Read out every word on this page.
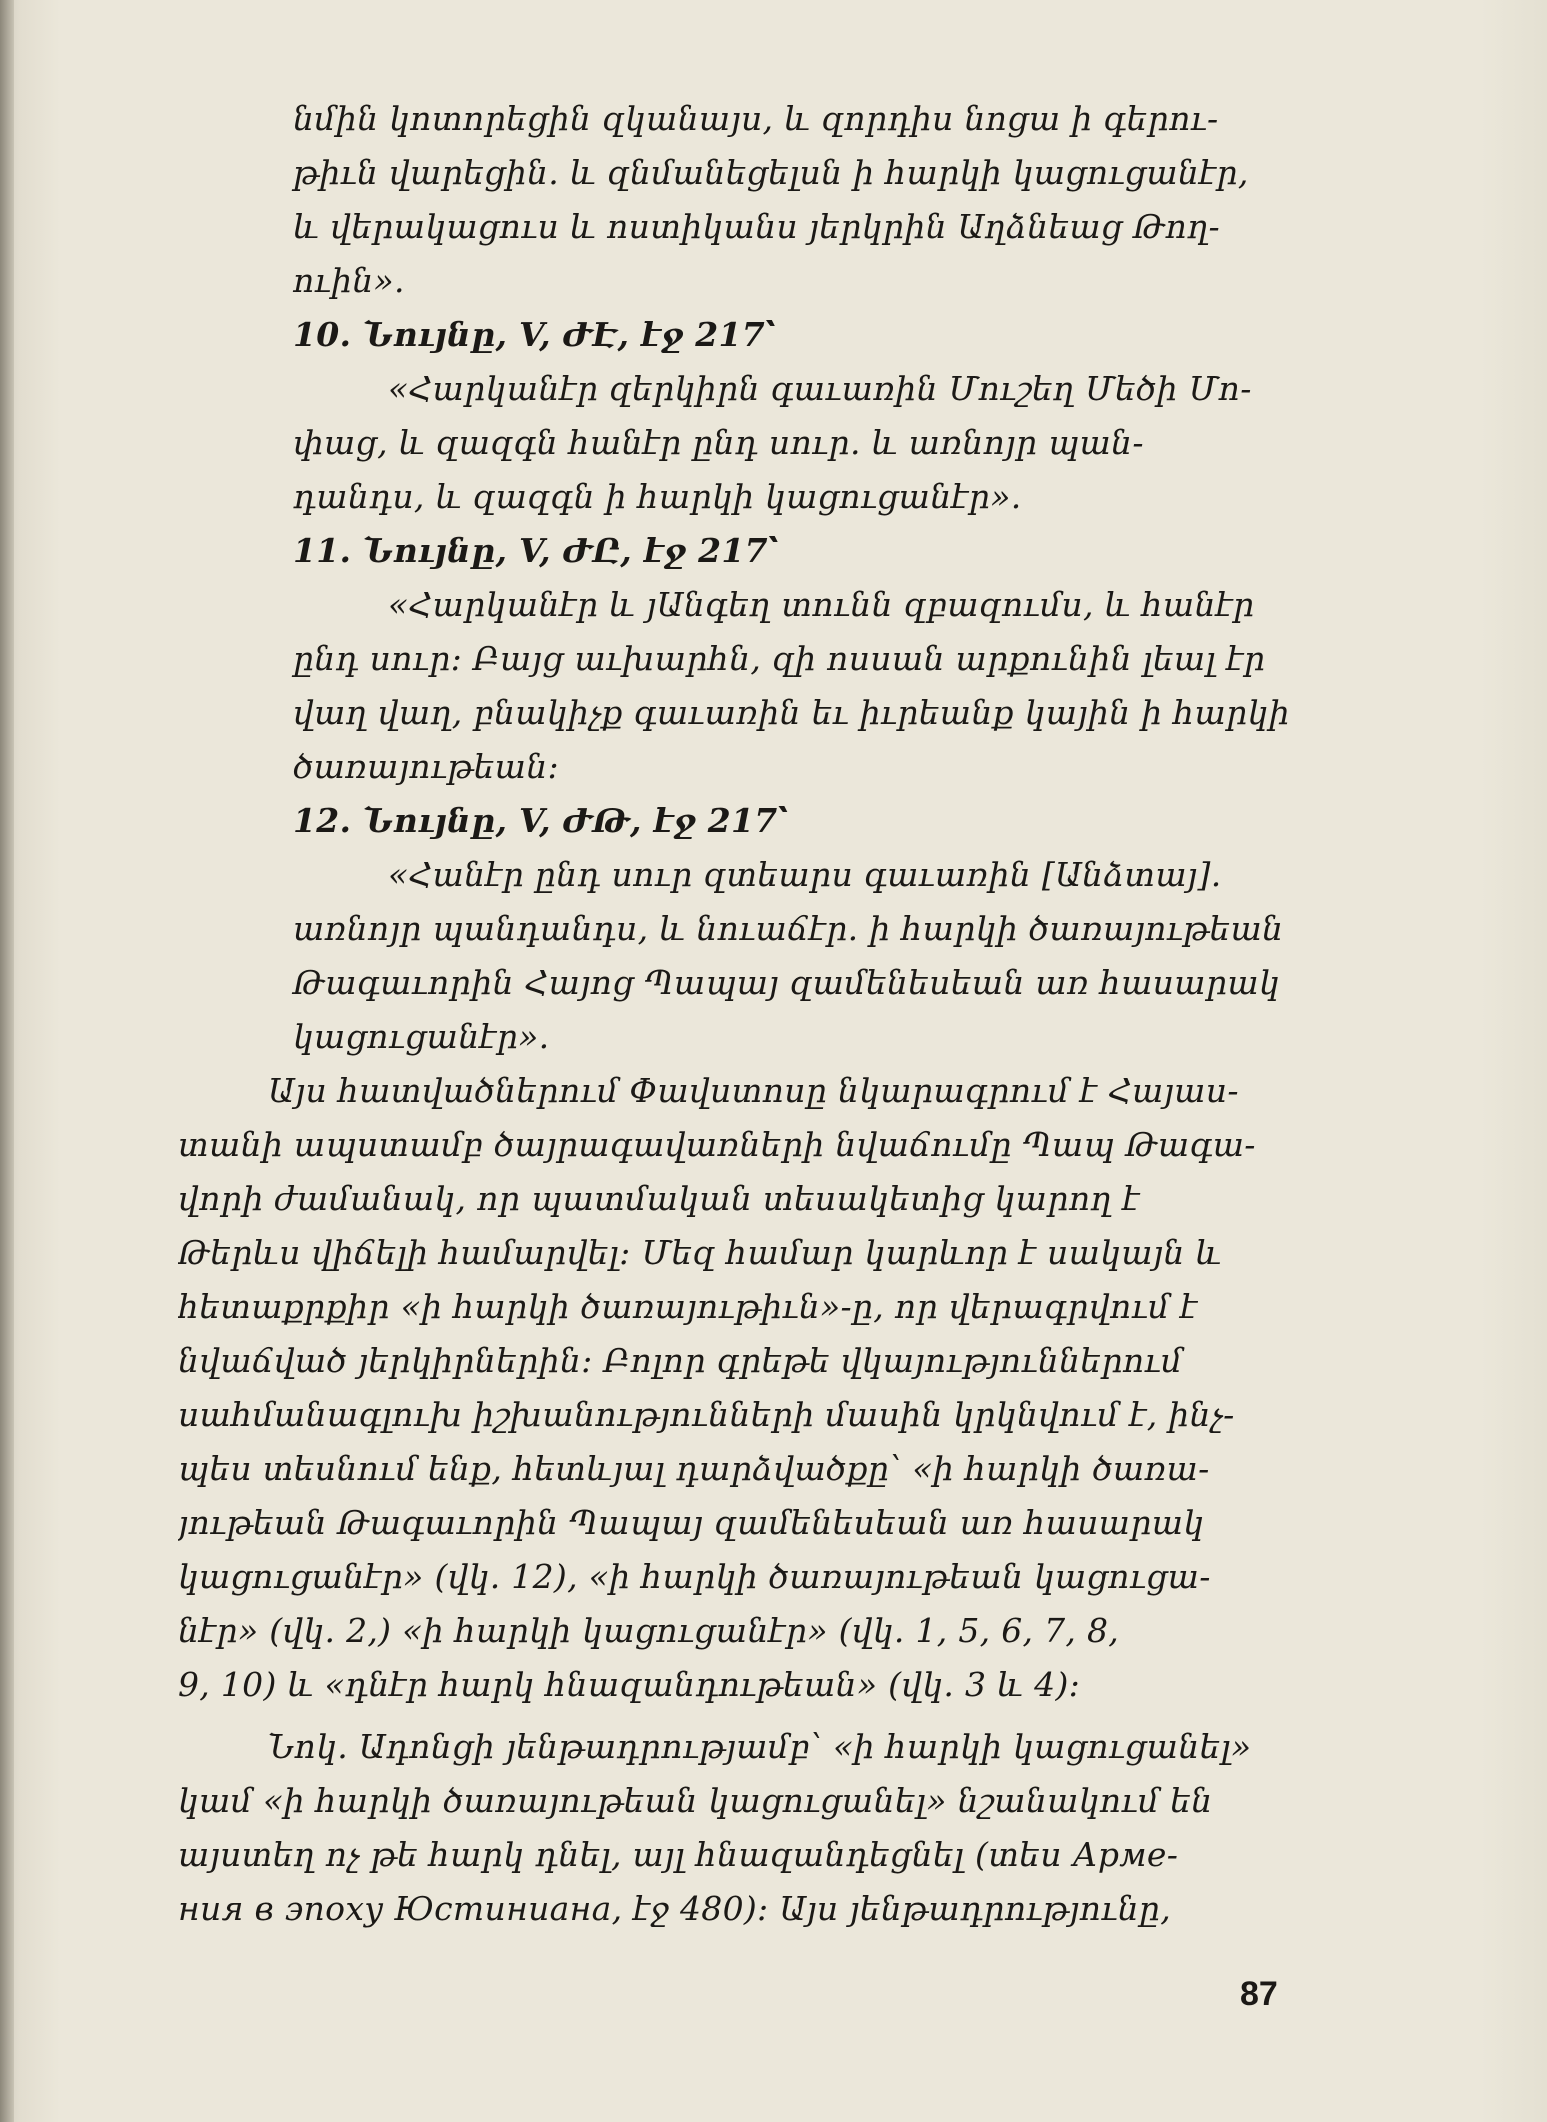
նմին կոտորեցին զկանայս, և զորդիս նոցա ի գերու-
թիւն վարեցին. և զնմանեցելսն ի հարկի կացուցանէր,
և վերակացուս և ոստիկանս յերկրին Աղձնեաց Թող-
ուին».
10. Նույնը, V, ԺԷ, էջ 217՝
«Հարկանէր զերկիրն գաւառին Մուշեղ Մեծի Մո-
փաց, և զազգն հանէր ընդ սուր. և առնոյր պան-
դանդս, և զազգն ի հարկի կացուցանէր».
11. Նույնը, V, ԺԸ, էջ 217՝
«Հարկանէր և յԱնգեղ տունն զբազումս, և հանէր
ընդ սուր։ Բայց աւխարհն, զի ոսսան արքունին լեալ էր
վաղ վաղ, բնակիչք գաւառին եւ իւրեանք կային ի հարկի
ծառայութեան։
12. Նույնը, V, ԺԹ, էջ 217՝
«Հանէր ընդ սուր զտեարս գաւառին [Անձտայ].
առնոյր պանդանդս, և նուաճէր. ի հարկի ծառայութեան
Թագաւորին Հայոց Պապայ զամենեսեան առ հասարակ
կացուցանէր».
Այս հատվածներում Փավստոսը նկարագրում է Հայաս-
տանի ապստամբ ծայրագավառների նվաճումը Պապ Թագա-
վորի ժամանակ, որ պատմական տեսակետից կարող է
Թերևս վիճելի համարվել։ Մեզ համար կարևոր է սակայն և
հետաքրքիր «ի հարկի ծառայութիւն»-ը, որ վերագրվում է
նվաճված յերկիրներին։ Բոլոր գրեթե վկայություններում
սահմանագլուխ իշխանությունների մասին կրկնվում է, ինչ-
պես տեսնում ենք, հետևյալ դարձվածքը՝ «ի հարկի ծառա-
յութեան Թագաւորին Պապայ զամենեսեան առ հասարակ
կացուցանէր» (վկ. 12), «ի հարկի ծառայութեան կացուցա-
նէր» (վկ. 2,) «ի հարկի կացուցանէր» (վկ. 1, 5, 6, 7, 8,
9, 10) և «դնէր հարկ հնազանդութեան» (վկ. 3 և 4)։
Նոկ. Ադոնցի յենթադրությամբ՝ «ի հարկի կացուցանել»
կամ «ի հարկի ծառայութեան կացուցանել» նշանակում են
այստեղ ոչ թե հարկ դնել, այլ հնազանդեցնել (տես Арме-
ния в эпоху Юстиниана, էջ 480)։ Այս յենթադրությունը,
87
